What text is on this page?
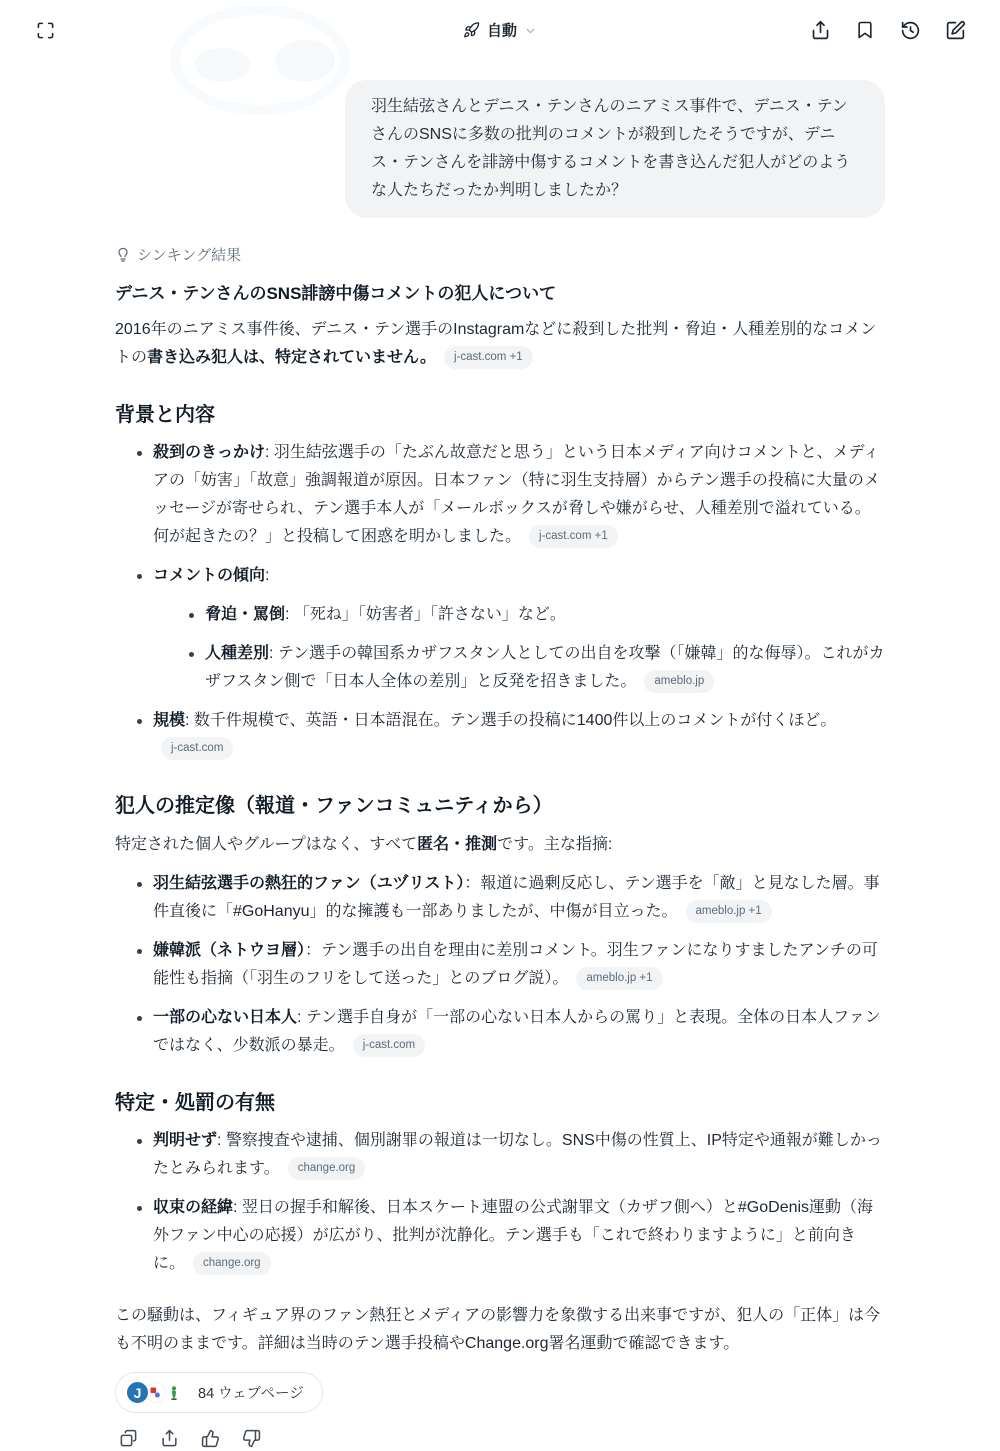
自動
羽生結弦さんとデニス・テンさんのニアミス事件で、デニス・テンさんのSNSに多数の批判のコメントが殺到したそうですが、デニス・テンさんを誹謗中傷するコメントを書き込んだ犯人がどのような人たちだったか判明しましたか？
シンキング結果
デニス・テンさんのSNS誹謗中傷コメントの犯人について

2016年のニアミス事件後、デニス・テン選手のInstagramなどに殺到した批判・脅迫・人種差別的なコメントの書き込み犯人は、特定されていません。 j-cast.com +1

背景と内容
殺到のきっかけ: 羽生結弦選手の「たぶん故意だと思う」という日本メディア向けコメントと、メディアの「妨害」「故意」強調報道が原因。日本ファン（特に羽生支持層）からテン選手の投稿に大量のメッセージが寄せられ、テン選手本人が「メールボックスが脅しや嫌がらせ、人種差別で溢れている。何が起きたの？」と投稿して困惑を明かしました。 j-cast.com +1
コメントの傾向:
脅迫・罵倒: 「死ね」「妨害者」「許さない」など。
人種差別: テン選手の韓国系カザフスタン人としての出自を攻撃（「嫌韓」的な侮辱）。これがカザフスタン側で「日本人全体の差別」と反発を招きました。 ameblo.jp
規模: 数千件規模で、英語・日本語混在。テン選手の投稿に1400件以上のコメントが付くほど。j-cast.com
犯人の推定像（報道・ファンコミュニティから）

特定された個人やグループはなく、すべて匿名・推測です。主な指摘:

羽生結弦選手の熱狂的ファン（ユヅリスト）：報道に過剰反応し、テン選手を「敵」と見なした層。事件直後に「#GoHanyu」的な擁護も一部ありましたが、中傷が目立った。 ameblo.jp +1
嫌韓派（ネトウヨ層）：テン選手の出自を理由に差別コメント。羽生ファンになりすましたアンチの可能性も指摘（「羽生のフリをして送った」とのブログ説）。 ameblo.jp +1
一部の心ない日本人: テン選手自身が「一部の心ない日本人からの罵り」と表現。全体の日本人ファンではなく、少数派の暴走。 j-cast.com
特定・処罰の有無
判明せず: 警察捜査や逮捕、個別謝罪の報道は一切なし。SNS中傷の性質上、IP特定や通報が難しかったとみられます。 change.org
収束の経緯: 翌日の握手和解後、日本スケート連盟の公式謝罪文（カザフ側へ）と#GoDenis運動（海外ファン中心の応援）が広がり、批判が沈静化。テン選手も「これで終わりますように」と前向きに。 change.org

この騒動は、フィギュア界のファン熱狂とメディアの影響力を象徴する出来事ですが、犯人の「正体」は今も不明のままです。詳細は当時のテン選手投稿やChange.org署名運動で確認できます。

J	84 ウェブページ
